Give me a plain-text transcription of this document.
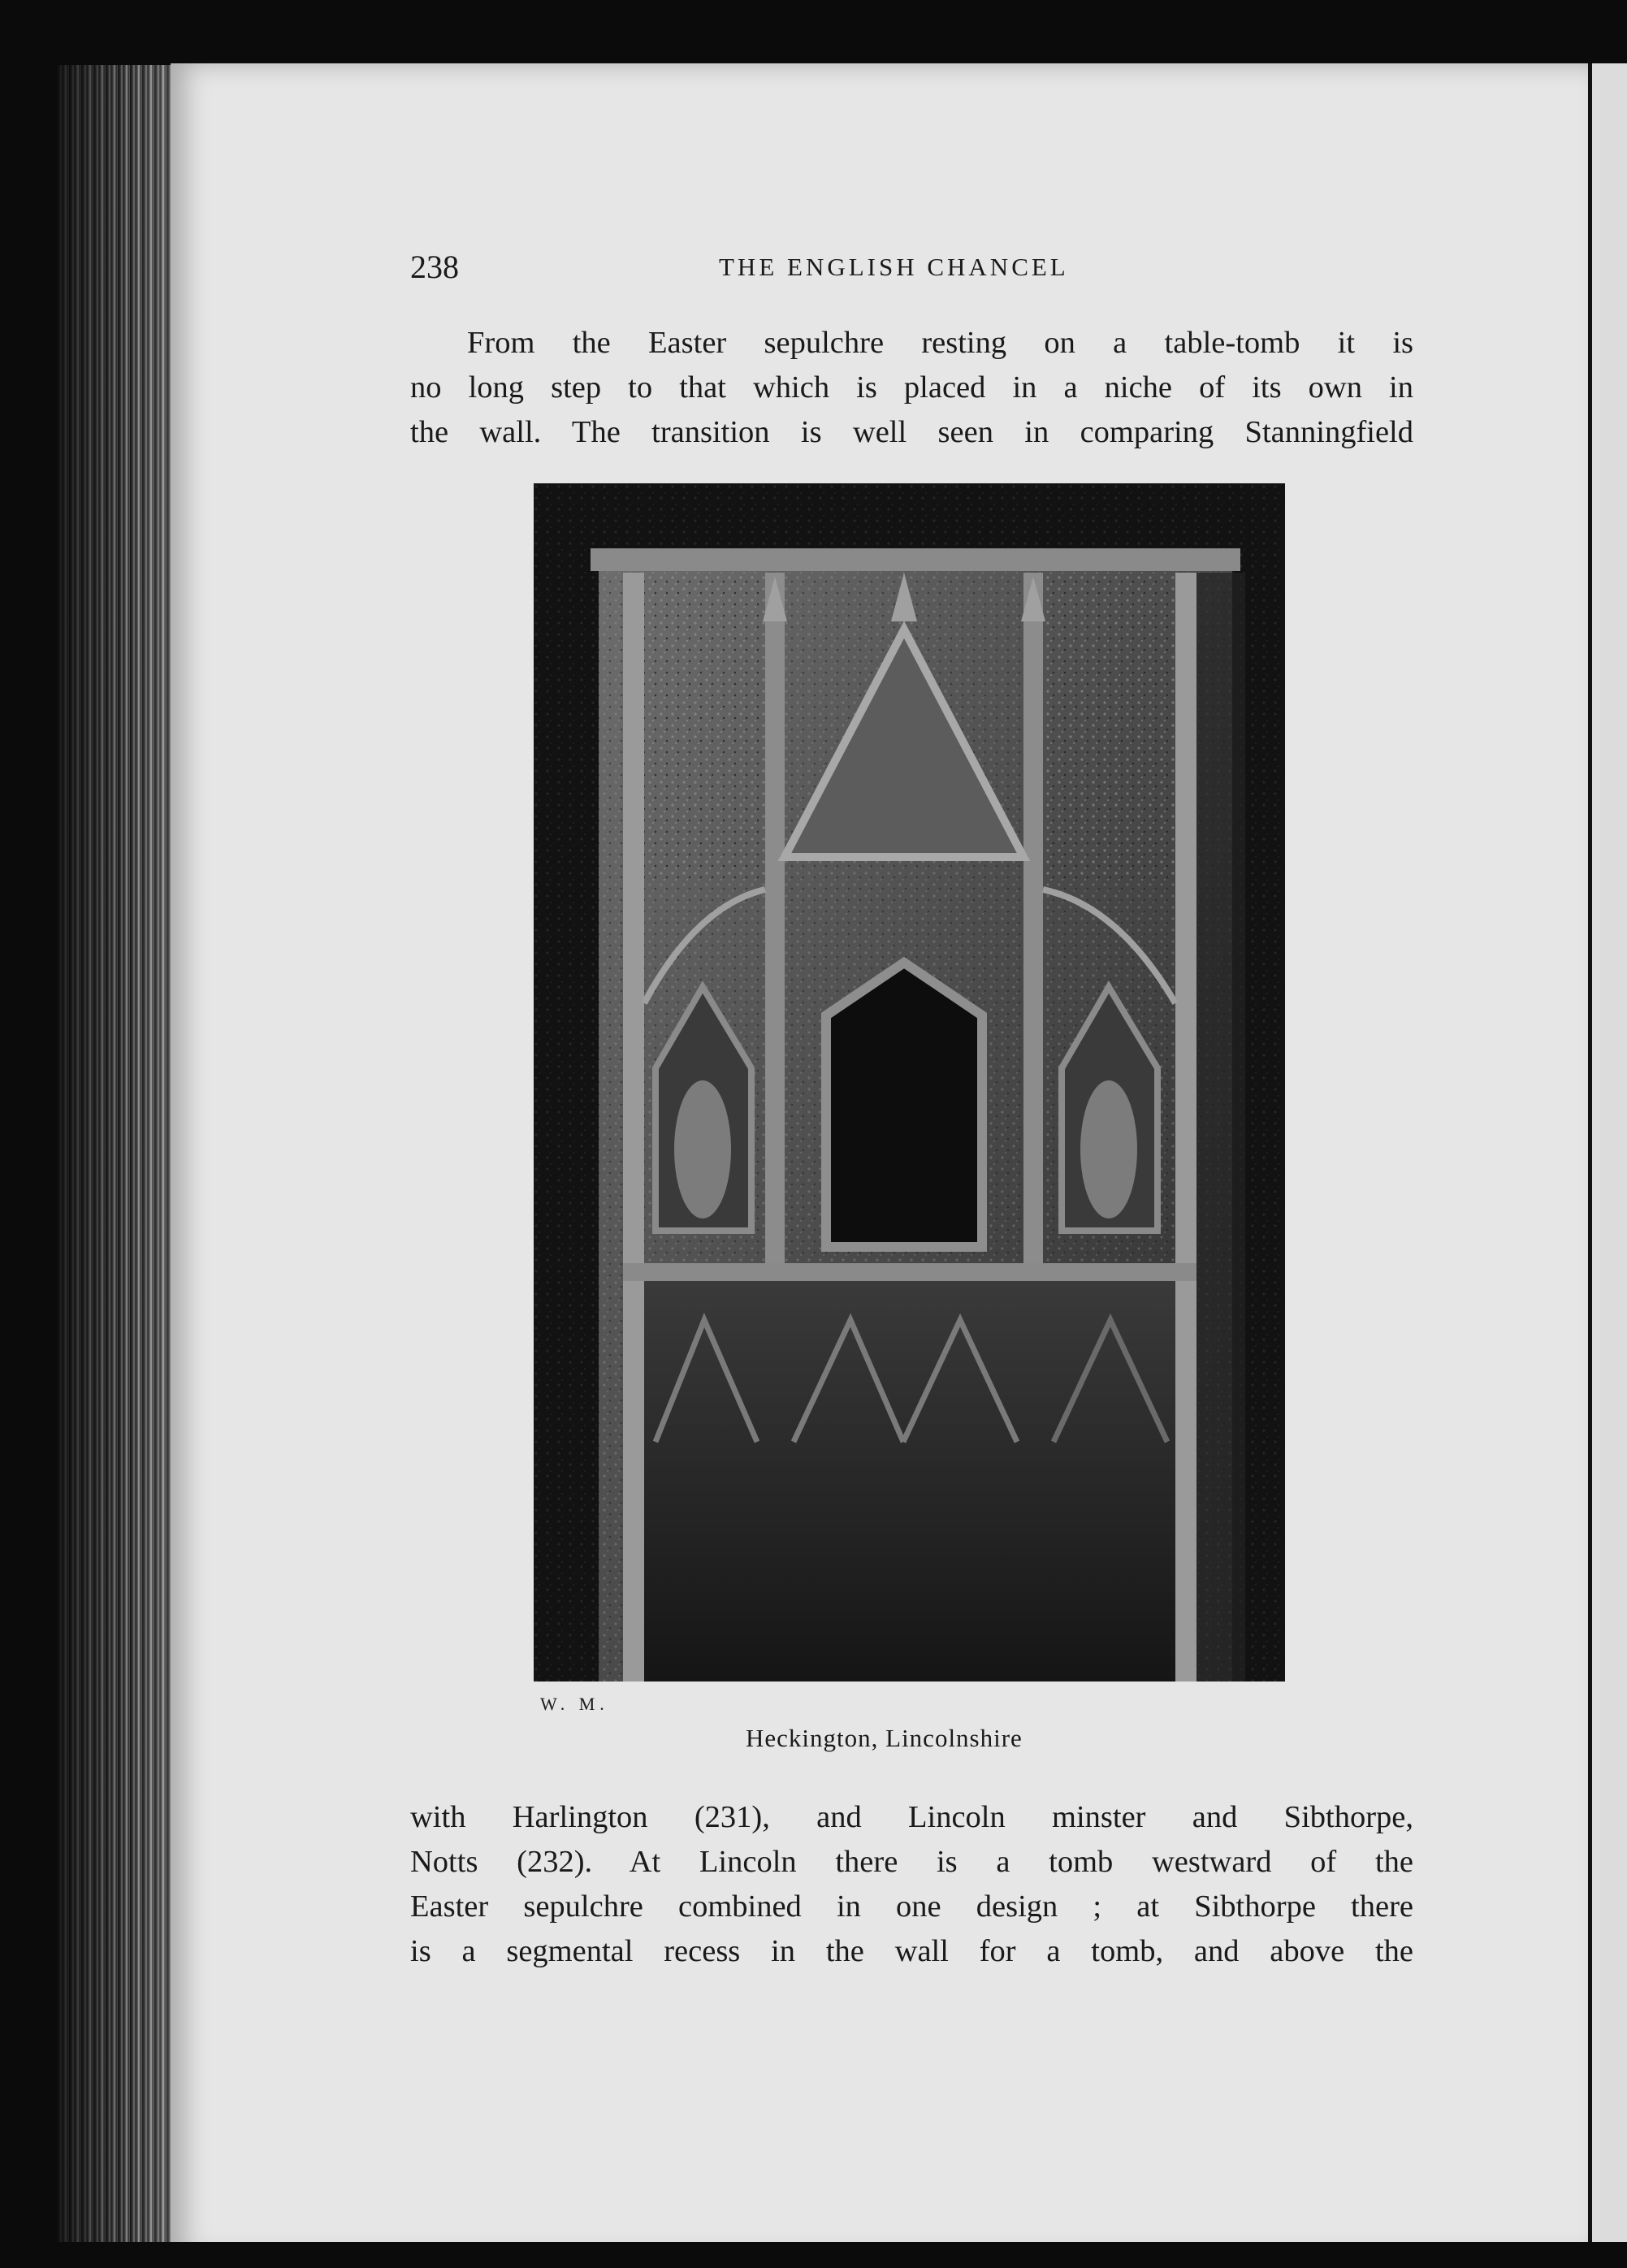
238	THE ENGLISH CHANCEL
From the Easter sepulchre resting on a table-tomb it is
no long step to that which is placed in a niche of its own in
the wall. The transition is well seen in comparing Stanningfield
W. M.
Heckington, Lincolnshire
with Harlington (231), and Lincoln minster and Sibthorpe,
Notts (232). At Lincoln there is a tomb westward of the
Easter sepulchre combined in one design ; at Sibthorpe there
is a segmental recess in the wall for a tomb, and above the
